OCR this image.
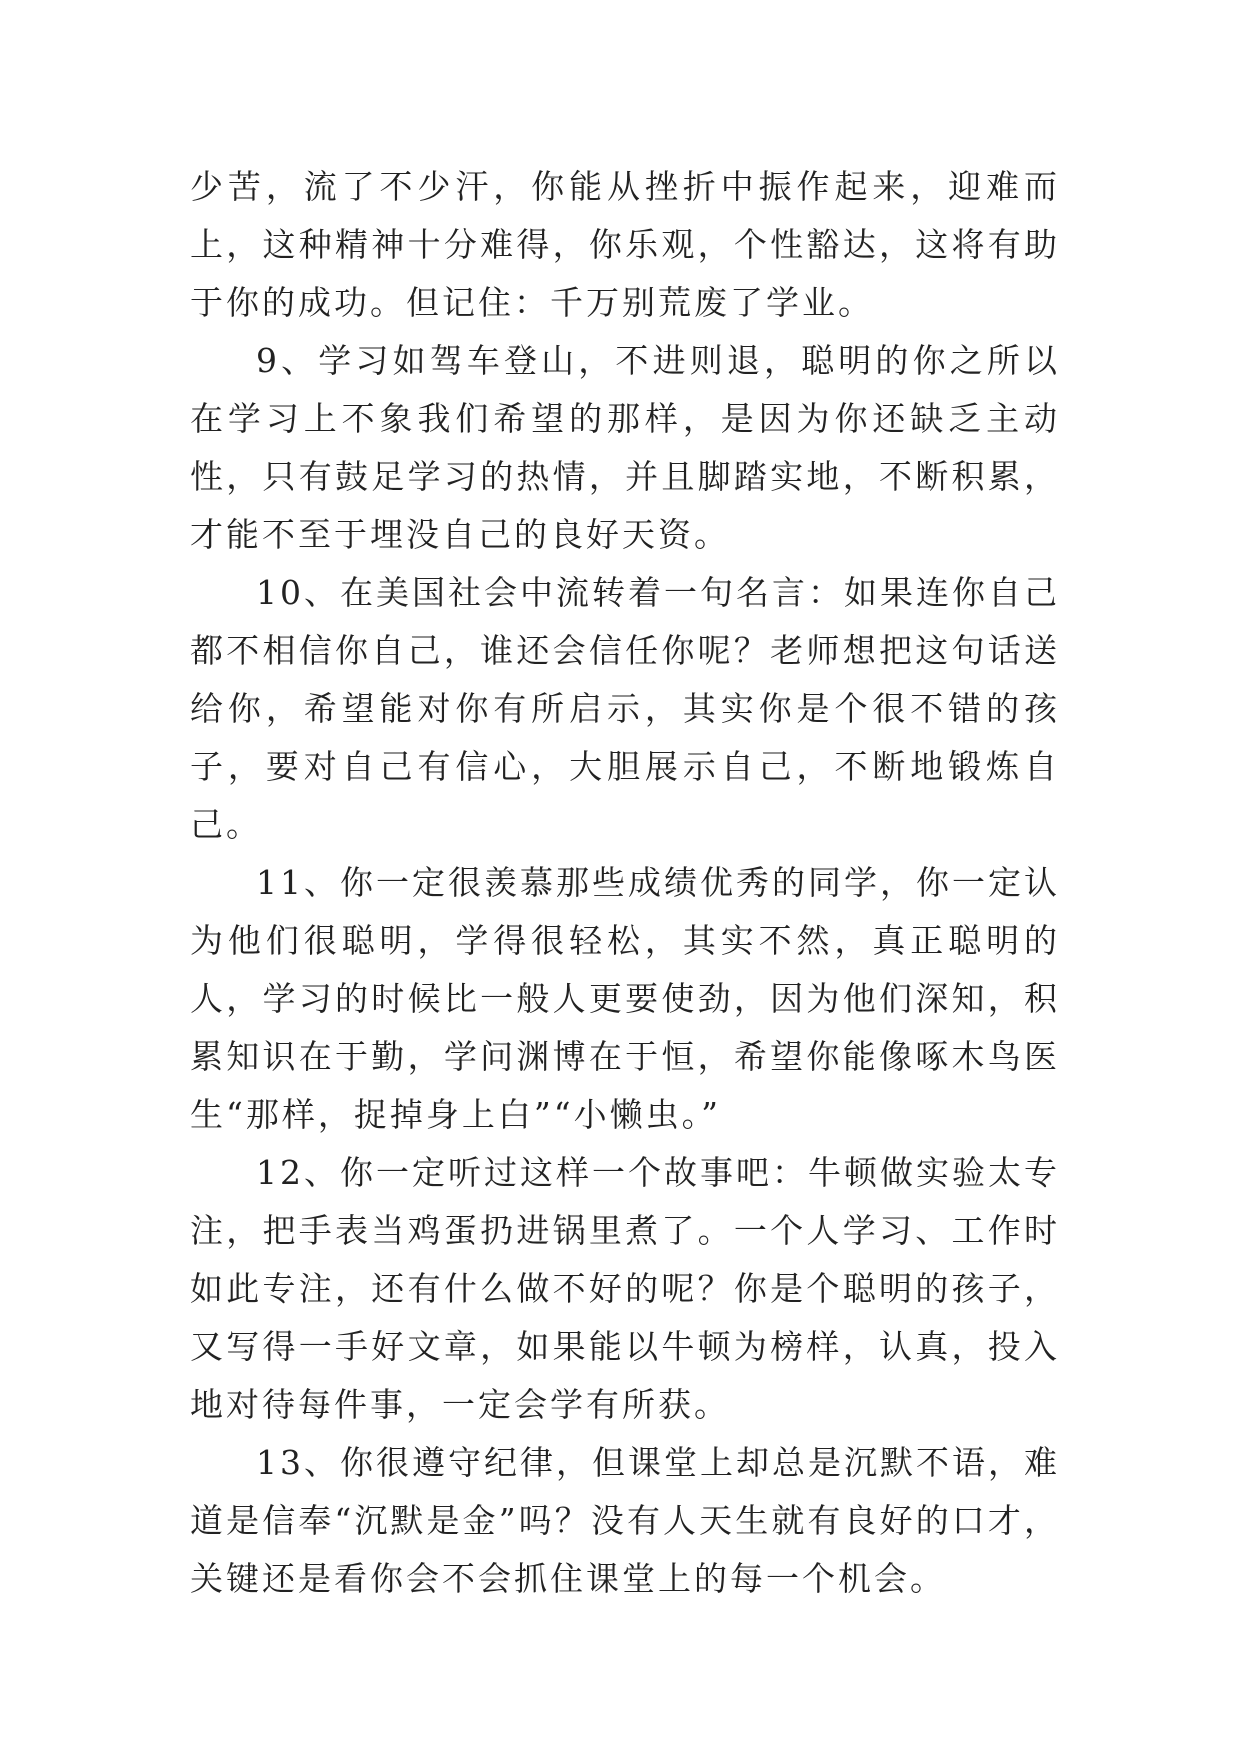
少苦，流了不少汗，你能从挫折中振作起来，迎难而上，这种精神十分难得，你乐观，个性豁达，这将有助于你的成功。但记住：千万别荒废了学业。

9、学习如驾车登山，不进则退，聪明的你之所以在学习上不象我们希望的那样，是因为你还缺乏主动性，只有鼓足学习的热情，并且脚踏实地，不断积累，才能不至于埋没自己的良好天资。

10、在美国社会中流转着一句名言：如果连你自己都不相信你自己，谁还会信任你呢？老师想把这句话送给你，希望能对你有所启示，其实你是个很不错的孩子，要对自己有信心，大胆展示自己，不断地锻炼自己。

11、你一定很羡慕那些成绩优秀的同学，你一定认为他们很聪明，学得很轻松，其实不然，真正聪明的人，学习的时候比一般人更要使劲，因为他们深知，积累知识在于勤，学问渊博在于恒，希望你能像啄木鸟医生“那样，捉掉身上白”“小懒虫。”

12、你一定听过这样一个故事吧：牛顿做实验太专注，把手表当鸡蛋扔进锅里煮了。一个人学习、工作时如此专注，还有什么做不好的呢？你是个聪明的孩子，又写得一手好文章，如果能以牛顿为榜样，认真，投入地对待每件事，一定会学有所获。

13、你很遵守纪律，但课堂上却总是沉默不语，难道是信奉“沉默是金”吗？没有人天生就有良好的口才，关键还是看你会不会抓住课堂上的每一个机会。
